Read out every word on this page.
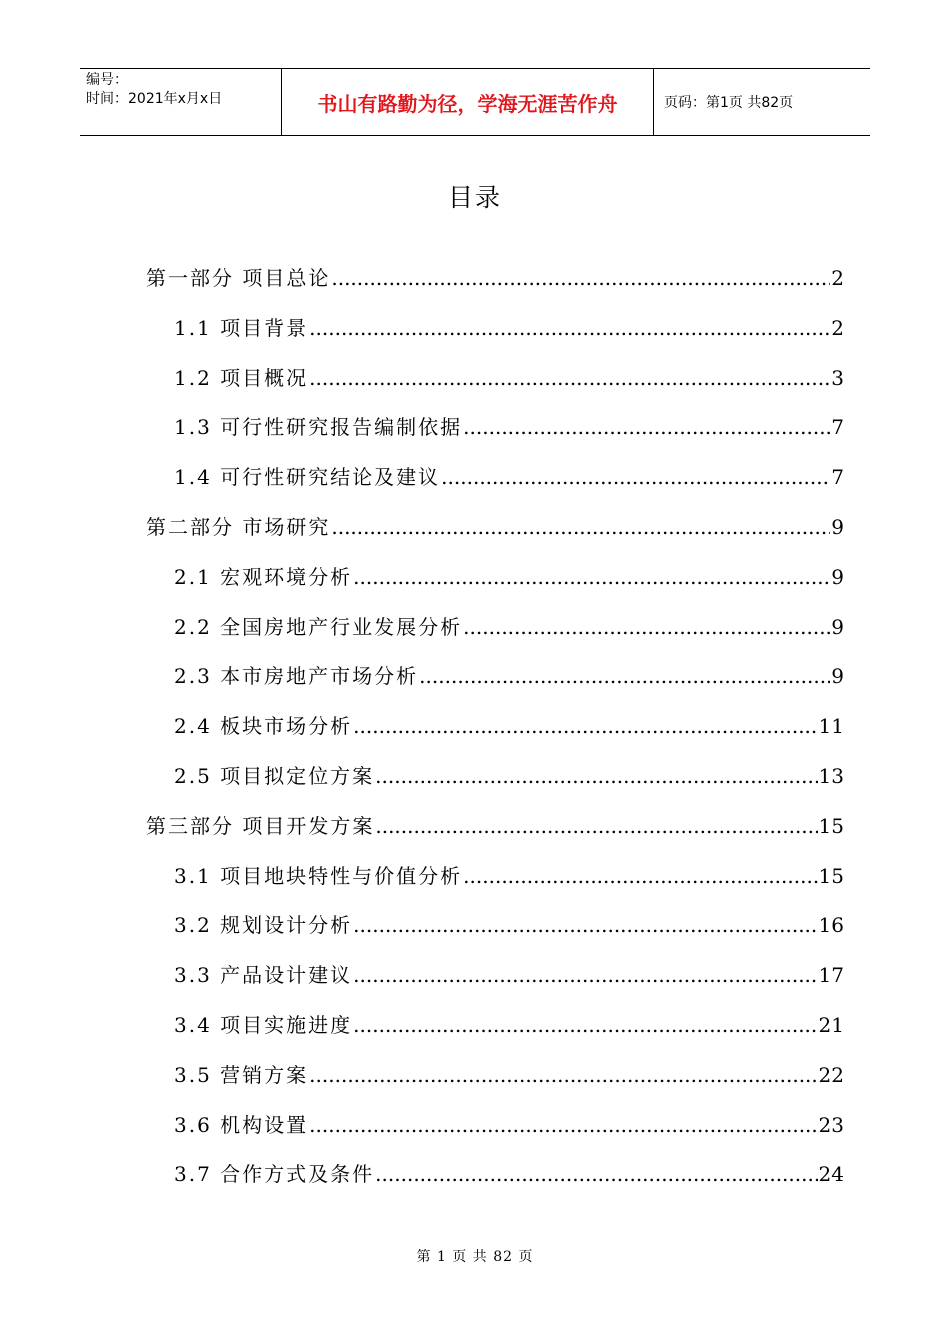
编号：
时间：2021年x月x日	书山有路勤为径，学海无涯苦作舟	页码：第1页 共82页
目录
第一部分 项目总论 .....	2
1.1 项目背景 .....	2
1.2 项目概况 .....	3
1.3 可行性研究报告编制依据 .....	7
1.4 可行性研究结论及建议 .....	7
第二部分 市场研究 .....	9
2.1 宏观环境分析 .....	9
2.2 全国房地产行业发展分析 .....	9
2.3 本市房地产市场分析 .....	9
2.4 板块市场分析 .....	11
2.5 项目拟定位方案 .....	13
第三部分 项目开发方案 .....	15
3.1 项目地块特性与价值分析 .....	15
3.2 规划设计分析 .....	16
3.3 产品设计建议 .....	17
3.4 项目实施进度 .....	21
3.5 营销方案 .....	22
3.6 机构设置 .....	23
3.7 合作方式及条件 .....	24
第 1 页 共 82 页
